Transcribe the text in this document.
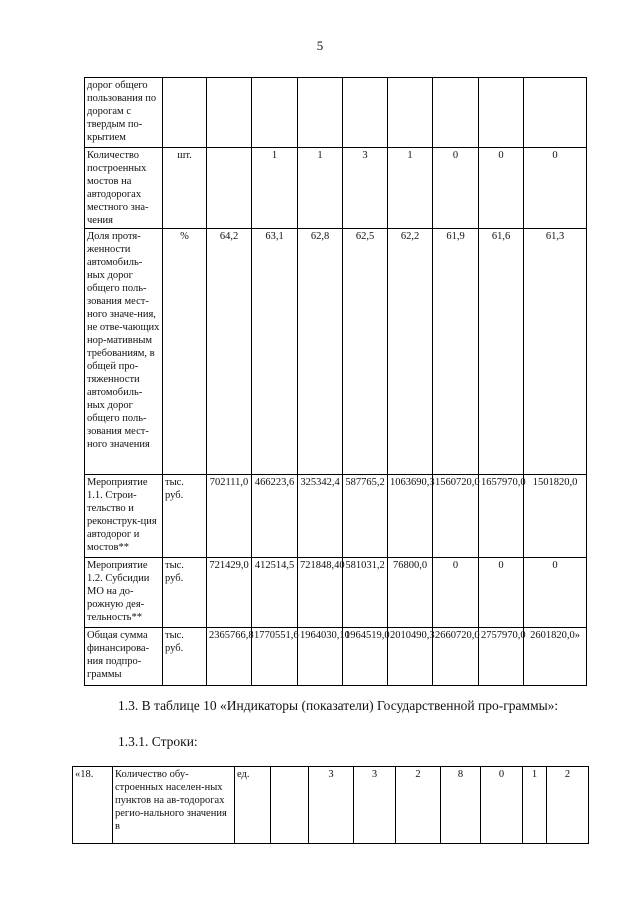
5
дорог общего пользования по дорогам с твердым по-крытием									
Количество построенных мостов на автодорогах местного зна-чения	шт.		1	1	3	1	0	0	0
Доля протя-женности автомобиль-ных дорог общего поль-зования мест-ного значе-ния, не отве-чающих нор-мативным требованиям, в общей про-тяженности автомобиль-ных дорог общего поль-зования мест-ного значения	%	64,2	63,1	62,8	62,5	62,2	61,9	61,6	61,3
Мероприятие 1.1. Строи-тельство и реконструк-ция автодорог и мостов**	тыс. руб.	702111,0	466223,6	325342,4	587765,2	1063690,3	1560720,0	1657970,0	1501820,0
Мероприятие 1.2. Субсидии МО на до-рожную дея-тельность**	тыс. руб.	721429,0	412514,5	721848,40	581031,2	76800,0	0	0	0
Общая сумма финансирова-ния подпро-граммы	тыс. руб.	2365766,8	1770551,6	1964030,10	1964519,0	2010490,3	2660720,0	2757970,0	2601820,0»
1.3. В таблице 10 «Индикаторы (показатели) Государственной про-граммы»:
1.3.1. Строки:
«18.	Количество обу-строенных населен-ных пунктов на ав-тодорогах регио-нального значения в	ед.		3	3	2	8	0	1	2
